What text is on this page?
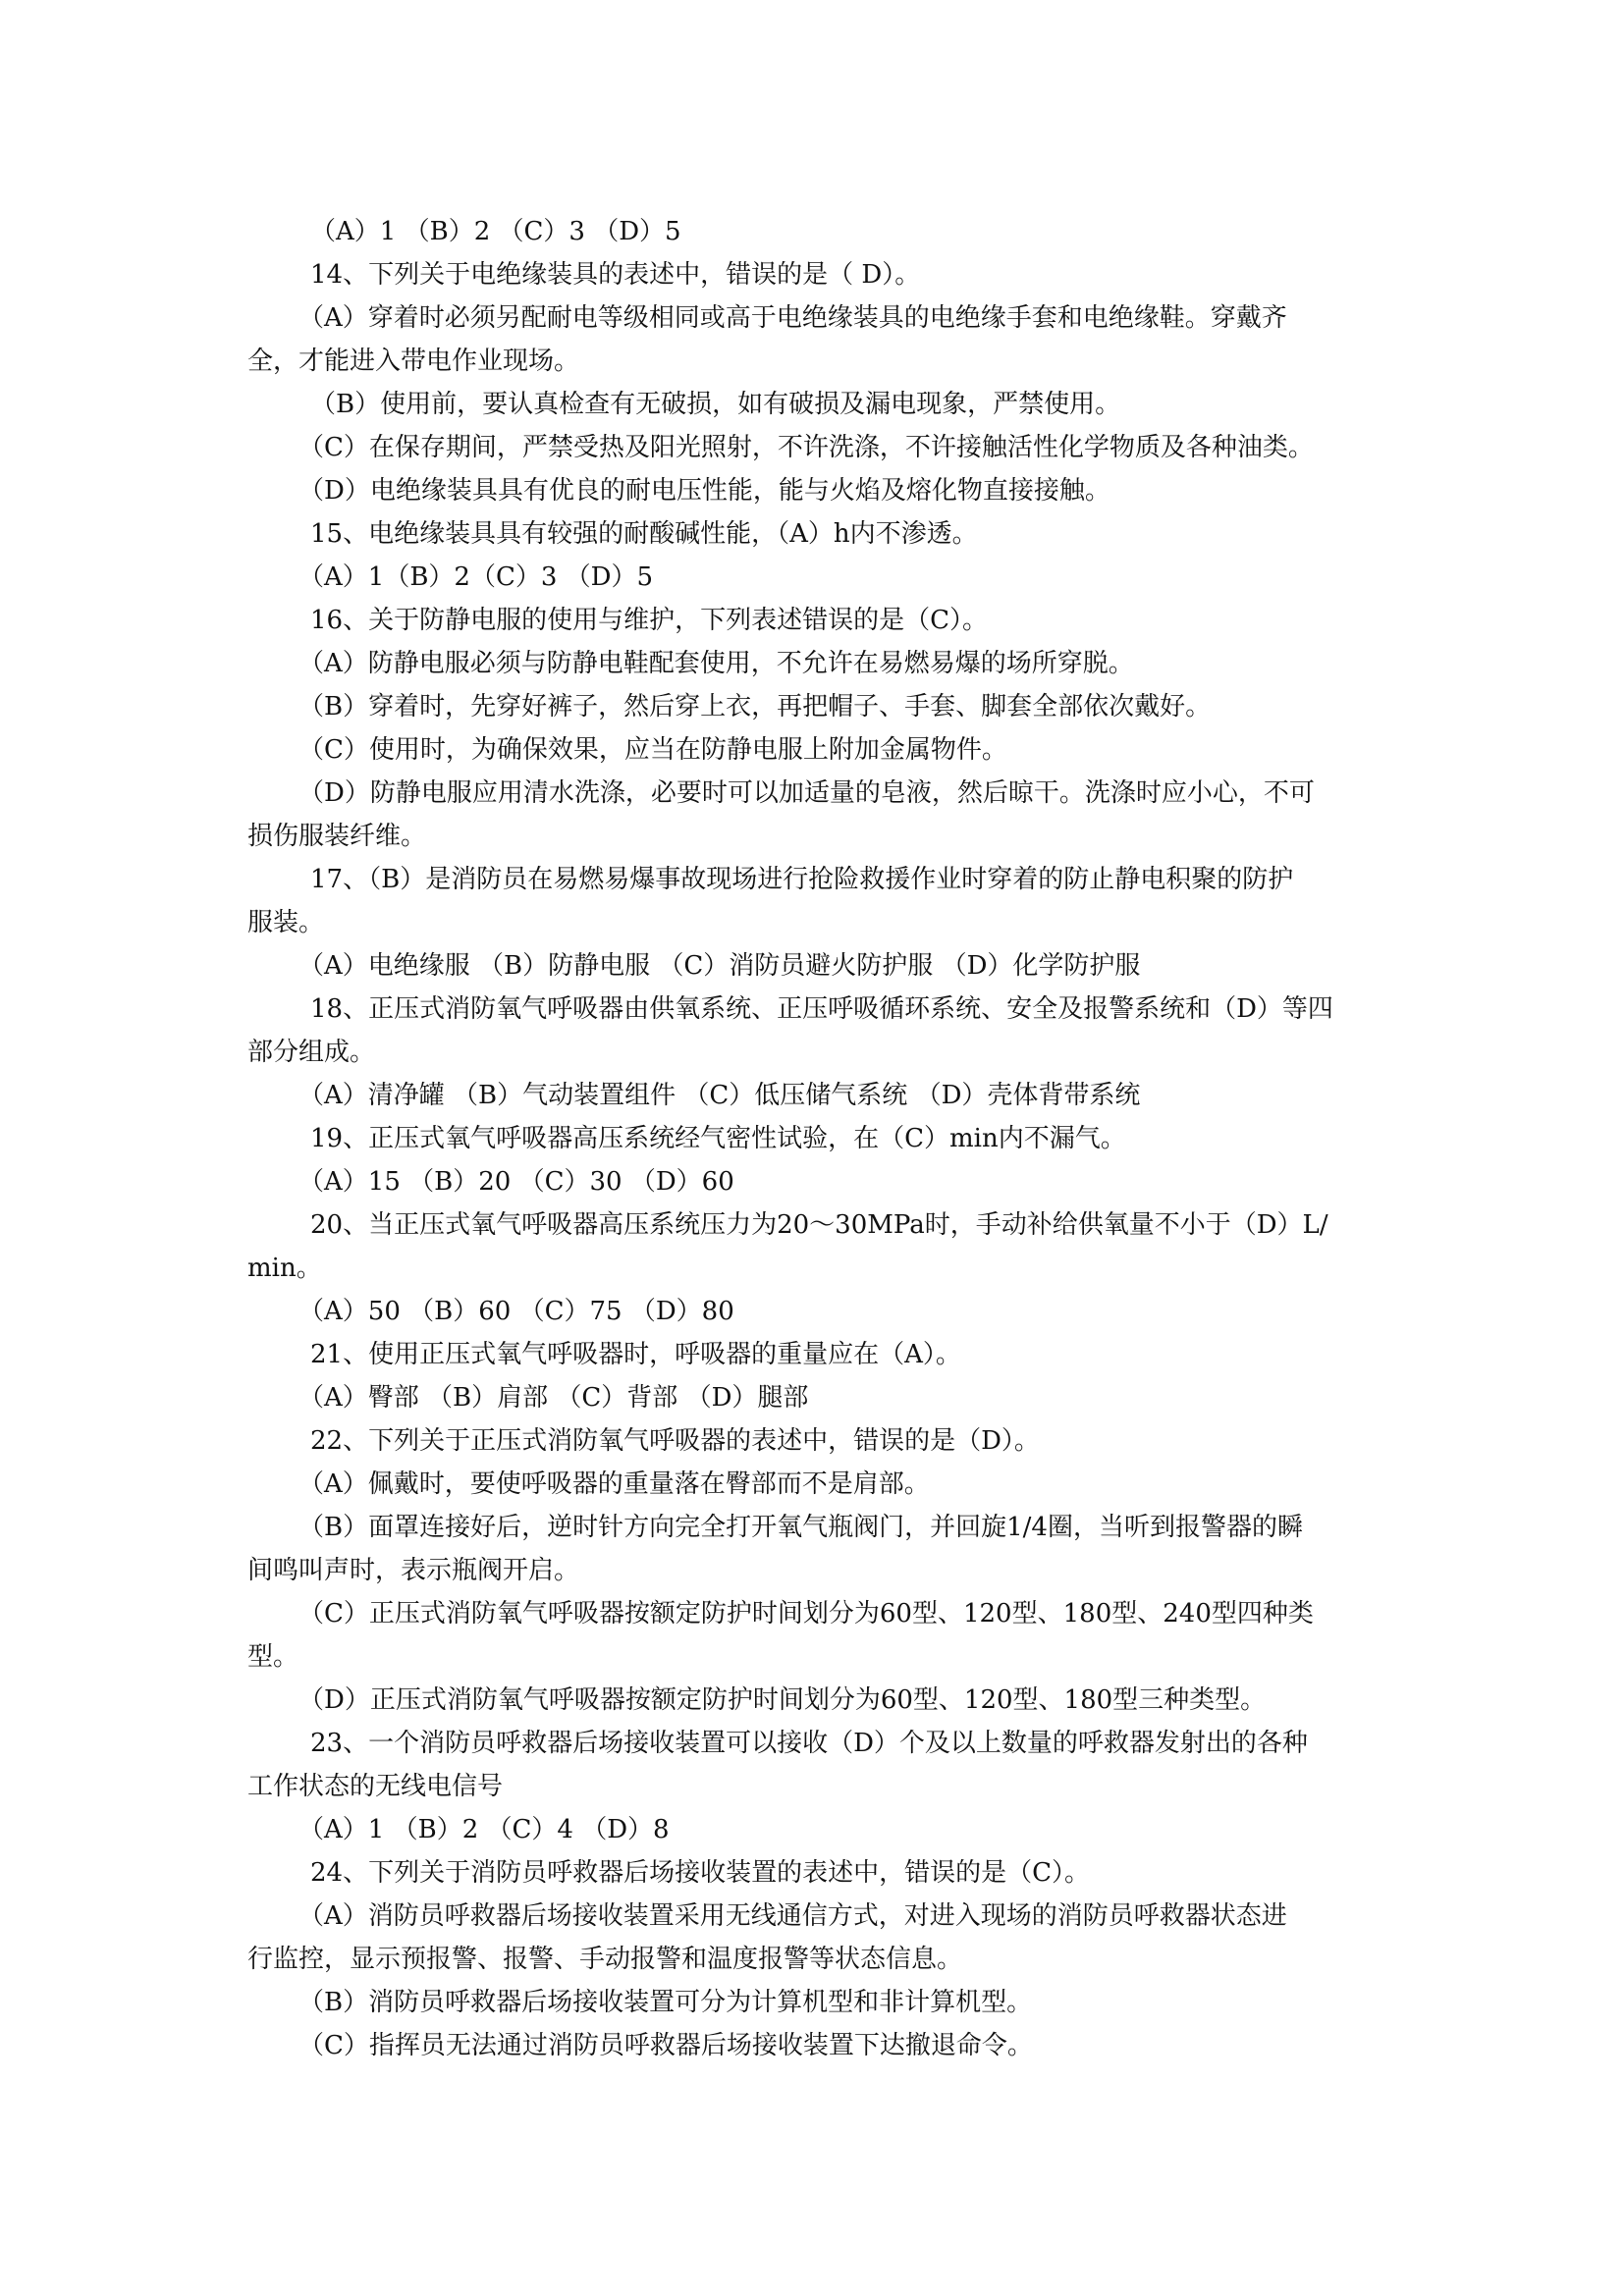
（A）1 （B）2 （C）3 （D）5
14、下列关于电绝缘装具的表述中，错误的是（ D）。
（A）穿着时必须另配耐电等级相同或高于电绝缘装具的电绝缘手套和电绝缘鞋。穿戴齐
全，才能进入带电作业现场。
（B）使用前，要认真检查有无破损，如有破损及漏电现象，严禁使用。
（C）在保存期间，严禁受热及阳光照射，不许洗涤，不许接触活性化学物质及各种油类。
（D）电绝缘装具具有优良的耐电压性能，能与火焰及熔化物直接接触。
15、电绝缘装具具有较强的耐酸碱性能，（A）h内不渗透。
（A）1（B）2（C）3 （D）5
16、关于防静电服的使用与维护，下列表述错误的是（C）。
（A）防静电服必须与防静电鞋配套使用，不允许在易燃易爆的场所穿脱。
（B）穿着时，先穿好裤子，然后穿上衣，再把帽子、手套、脚套全部依次戴好。
（C）使用时，为确保效果，应当在防静电服上附加金属物件。
（D）防静电服应用清水洗涤，必要时可以加适量的皂液，然后晾干。洗涤时应小心，不可
损伤服装纤维。
17、（B）是消防员在易燃易爆事故现场进行抢险救援作业时穿着的防止静电积聚的防护
服装。
（A）电绝缘服 （B）防静电服 （C）消防员避火防护服 （D）化学防护服
18、正压式消防氧气呼吸器由供氧系统、正压呼吸循环系统、安全及报警系统和（D）等四
部分组成。
（A）清净罐 （B）气动装置组件 （C）低压储气系统 （D）壳体背带系统
19、正压式氧气呼吸器高压系统经气密性试验，在（C）min内不漏气。
（A）15 （B）20 （C）30 （D）60
20、当正压式氧气呼吸器高压系统压力为20～30MPa时，手动补给供氧量不小于（D）L/
min。
（A）50 （B）60 （C）75 （D）80
21、使用正压式氧气呼吸器时，呼吸器的重量应在（A）。
（A）臀部 （B）肩部 （C）背部 （D）腿部
22、下列关于正压式消防氧气呼吸器的表述中，错误的是（D）。
（A）佩戴时，要使呼吸器的重量落在臀部而不是肩部。
（B）面罩连接好后，逆时针方向完全打开氧气瓶阀门，并回旋1/4圈，当听到报警器的瞬
间鸣叫声时，表示瓶阀开启。
（C）正压式消防氧气呼吸器按额定防护时间划分为60型、120型、180型、240型四种类
型。
（D）正压式消防氧气呼吸器按额定防护时间划分为60型、120型、180型三种类型。
23、一个消防员呼救器后场接收装置可以接收（D）个及以上数量的呼救器发射出的各种
工作状态的无线电信号
（A）1 （B）2 （C）4 （D）8
24、下列关于消防员呼救器后场接收装置的表述中，错误的是（C）。
（A）消防员呼救器后场接收装置采用无线通信方式，对进入现场的消防员呼救器状态进
行监控，显示预报警、报警、手动报警和温度报警等状态信息。
（B）消防员呼救器后场接收装置可分为计算机型和非计算机型。
（C）指挥员无法通过消防员呼救器后场接收装置下达撤退命令。
